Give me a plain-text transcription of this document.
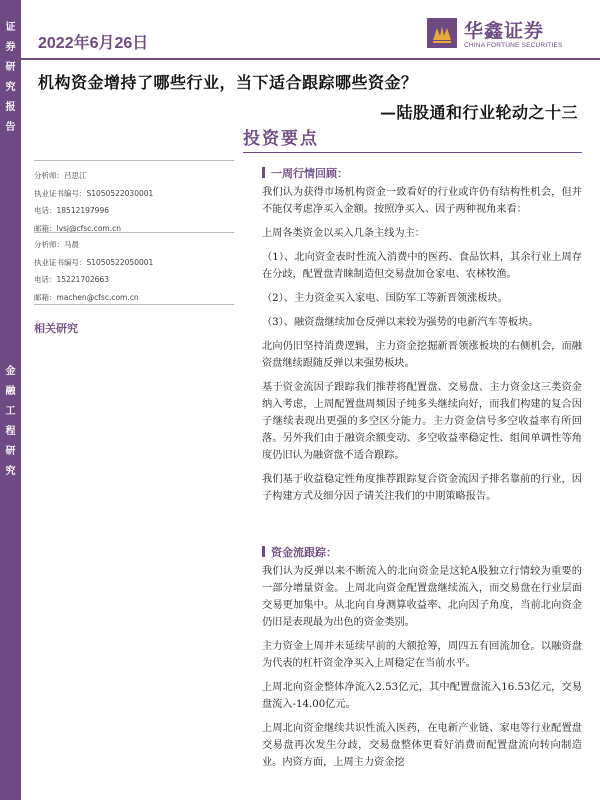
证
券
研
究
报
告
金
融
工
程
研
究
2022年6月26日
华鑫证券
CHINA FORTUNE SECURITIES
机构资金增持了哪些行业，当下适合跟踪哪些资金？
—陆股通和行业轮动之十三
投资要点
分析师：吕思江
执业证书编号：S1050522030001
电话：18512197996
邮箱：lvsj@cfsc.com.cn
分析师：马晨
执业证书编号：S1050522050001
电话：15221702663
邮箱：machen@cfsc.com.cn
相关研究
一周行情回顾：

我们认为获得市场机构资金一致看好的行业或许仍有结构性机会，但并不能仅考虑净买入金额。按照净买入、因子两种视角来看：

上周各类资金以买入几条主线为主：

（1）、北向资金表时性流入消费中的医药、食品饮料，其余行业上周存在分歧，配置盘青睐制造但交易盘加仓家电、农林牧渔。

（2）、主力资金买入家电、国防军工等新晋领涨板块。

（3）、融资盘继续加仓反弹以来较为强势的电新汽车等板块。

北向仍旧坚持消费逻辑，主力资金挖掘新晋领涨板块的右侧机会，而融资盘继续跟随反弹以来强势板块。

基于资金流因子跟踪我们推荐将配置盘、交易盘、主力资金这三类资金纳入考虑，上周配置盘周频因子纯多头继续向好，而我们构建的复合因子继续表现出更强的多空区分能力。主力资金信号多空收益率有所回落。另外我们由于融资余额变动、多空收益率稳定性、组间单调性等角度仍旧认为融资盘不适合跟踪。

我们基于收益稳定性角度推荐跟踪复合资金流因子排名靠前的行业，因子构建方式及细分因子请关注我们的中期策略报告。

资金流跟踪：

我们认为反弹以来不断流入的北向资金是这轮A股独立行情较为重要的一部分增量资金。上周北向资金配置盘继续流入，而交易盘在行业层面交易更加集中。从北向自身测算收益率、北向因子角度，当前北向资金仍旧是表现最为出色的资金类别。

主力资金上周并未延续早前的大额抢筹，周四五有回流加仓。以融资盘为代表的杠杆资金净买入上周稳定在当前水平。

上周北向资金整体净流入2.53亿元，其中配置盘流入16.53亿元，交易盘流入-14.00亿元。

上周北向资金继续共识性流入医药，在电新产业链、家电等行业配置盘交易盘再次发生分歧，交易盘整体更看好消费而配置盘流向转向制造业。内资方面，上周主力资金挖
